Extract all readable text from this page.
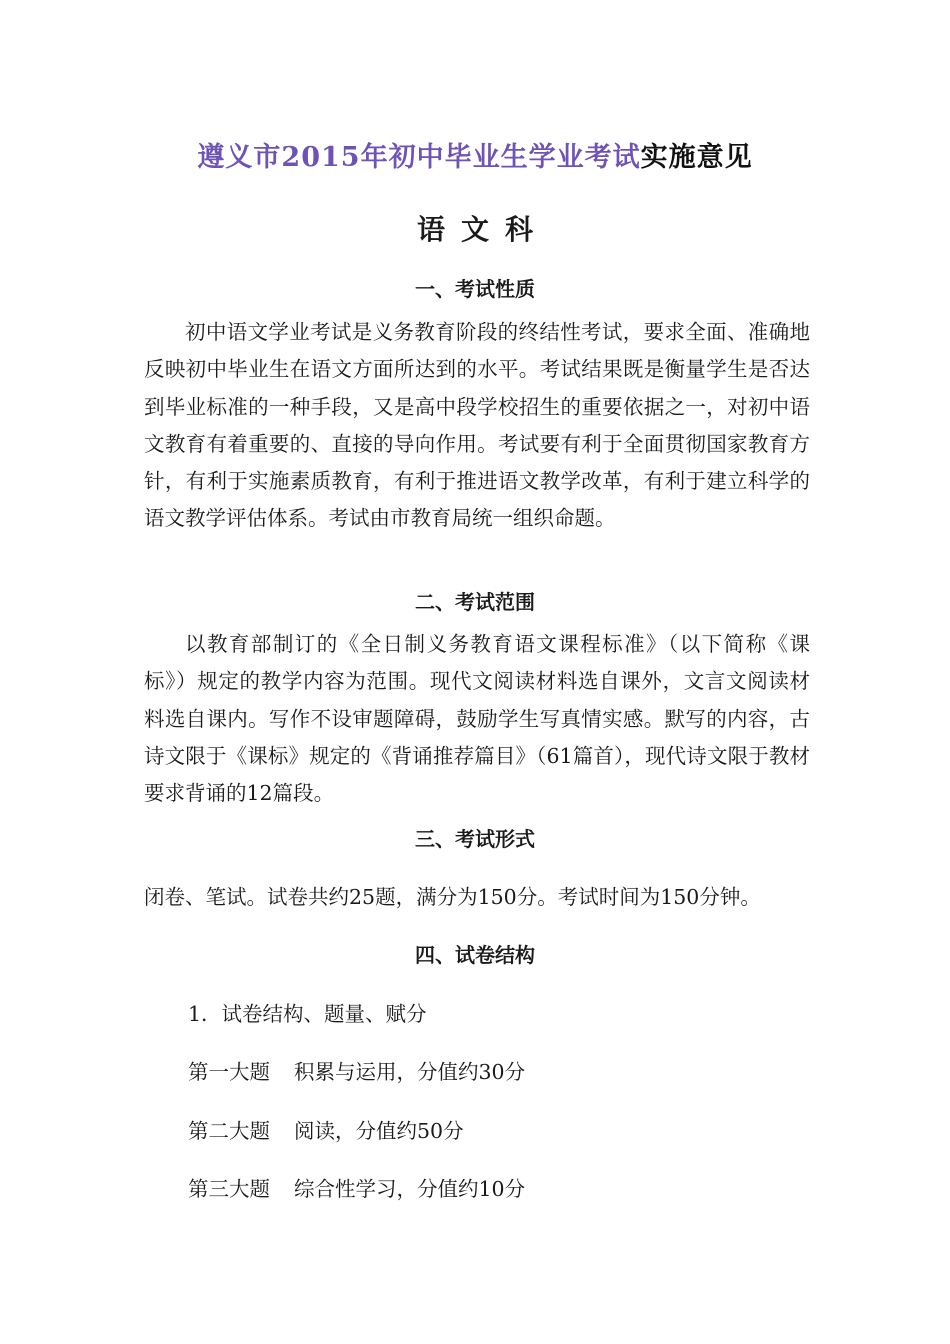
遵义市2015年初中毕业生学业考试实施意见
语文科
一、考试性质

初中语文学业考试是义务教育阶段的终结性考试，要求全面、准确地反映初中毕业生在语文方面所达到的水平。考试结果既是衡量学生是否达到毕业标准的一种手段，又是高中段学校招生的重要依据之一，对初中语文教育有着重要的、直接的导向作用。考试要有利于全面贯彻国家教育方针，有利于实施素质教育，有利于推进语文教学改革，有利于建立科学的语文教学评估体系。考试由市教育局统一组织命题。

二、考试范围

以教育部制订的《全日制义务教育语文课程标准》（以下简称《课标》）规定的教学内容为范围。现代文阅读材料选自课外，文言文阅读材料选自课内。写作不设审题障碍，鼓励学生写真情实感。默写的内容，古诗文限于《课标》规定的《背诵推荐篇目》（61篇首），现代诗文限于教材要求背诵的12篇段。

三、考试形式
闭卷、笔试。试卷共约25题，满分为150分。考试时间为150分钟。
四、试卷结构
1．试卷结构、题量、赋分
第一大题 积累与运用，分值约30分
第二大题 阅读，分值约50分
第三大题 综合性学习，分值约10分
